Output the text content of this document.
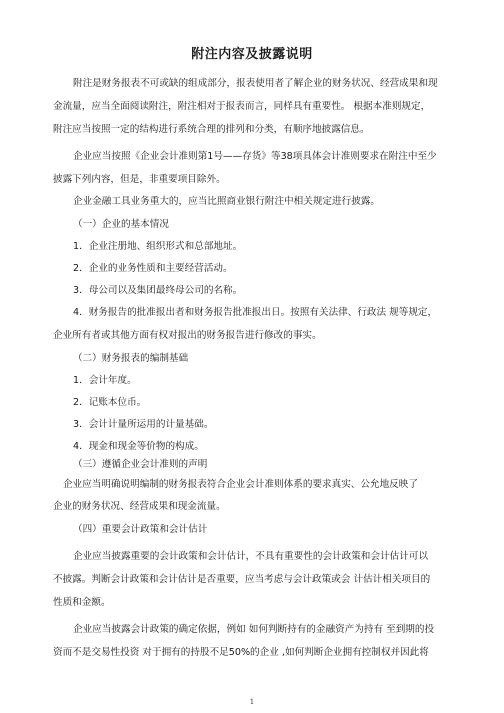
附注内容及披露说明
附注是财务报表不可或缺的组成部分，报表使用者了解企业的财务状况、经营成果和现
金流量，应当全面阅读附注，附注相对于报表而言，同样具有重要性。 根据本准则规定，
附注应当按照一定的结构进行系统合理的排列和分类，有顺序地披露信息。
企业应当按照《企业会计准则第1号——存货》等38项具体会计准则要求在附注中至少
披露下列内容，但是，非重要项目除外。
企业金融工具业务重大的，应当比照商业银行附注中相关规定进行披露。
（一）企业的基本情况
1．企业注册地、组织形式和总部地址。
2．企业的业务性质和主要经营活动。
3．母公司以及集团最终母公司的名称。
4．财务报告的批准报出者和财务报告批准报出日。按照有关法律、行政法 规等规定，
企业所有者或其他方面有权对报出的财务报告进行修改的事实。
（二）财务报表的编制基础
1．会计年度。
2．记账本位币。
3．会计计量所运用的计量基础。
4．现金和现金等价物的构成。
（三）遵循企业会计准则的声明
企业应当明确说明编制的财务报表符合企业会计准则体系的要求真实、公允地反映了
企业的财务状况、经营成果和现金流量。
（四）重要会计政策和会计估计
企业应当披露重要的会计政策和会计估计，不具有重要性的会计政策和会计估计可以
不披露。判断会计政策和会计估计是否重要，应当考虑与会计政策或会 计估计相关项目的
性质和金额。
企业应当披露会计政策的确定依据，例如 如何判断持有的金融资产为持有 至到期的投
资而不是交易性投资 对于拥有的持股不足50%的企业 ,如何判断企业拥有控制权并因此将
1
